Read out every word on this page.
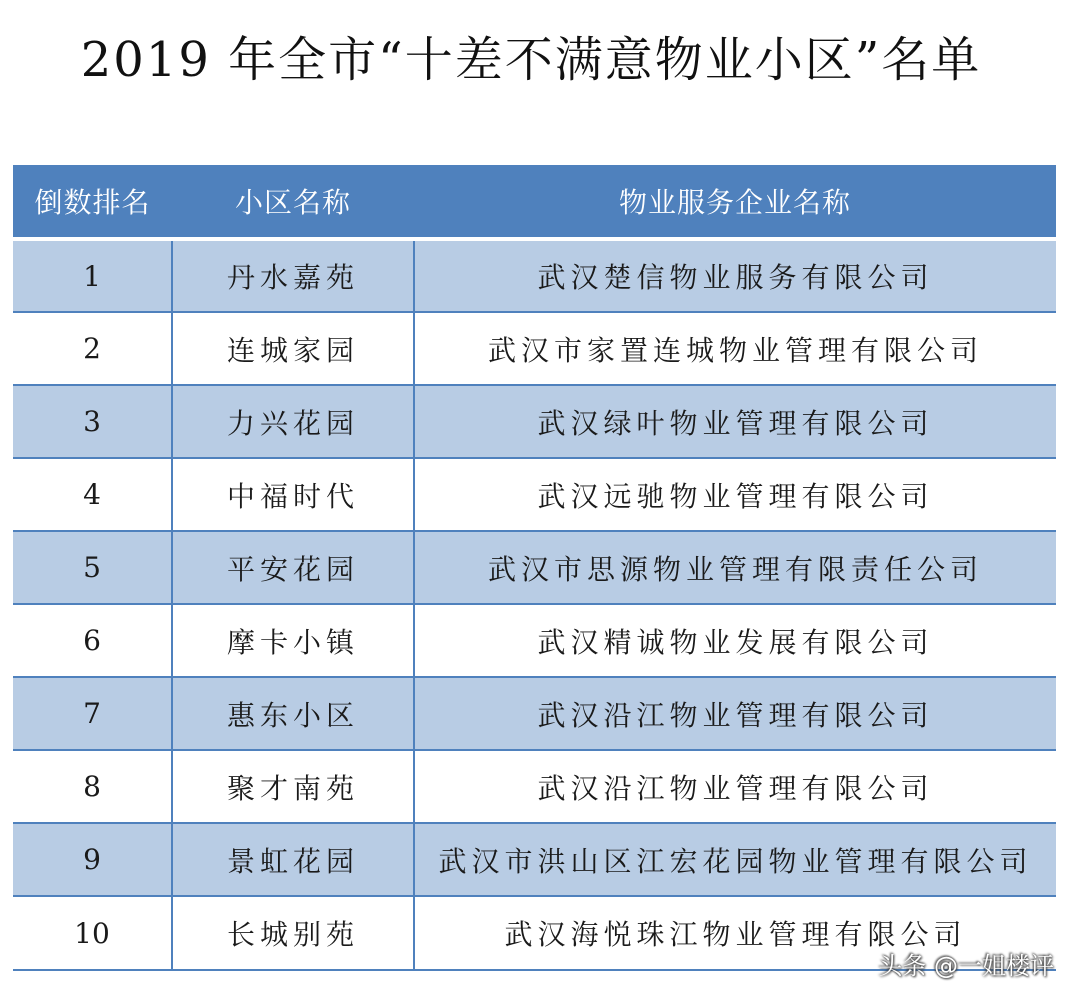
2019 年全市“十差不满意物业小区”名单
倒数排名	小区名称	物业服务企业名称
1	丹水嘉苑	武汉楚信物业服务有限公司
2	连城家园	武汉市家置连城物业管理有限公司
3	力兴花园	武汉绿叶物业管理有限公司
4	中福时代	武汉远驰物业管理有限公司
5	平安花园	武汉市思源物业管理有限责任公司
6	摩卡小镇	武汉精诚物业发展有限公司
7	惠东小区	武汉沿江物业管理有限公司
8	聚才南苑	武汉沿江物业管理有限公司
9	景虹花园	武汉市洪山区江宏花园物业管理有限公司
10	长城别苑	武汉海悦珠江物业管理有限公司
头条 @一姐楼评
